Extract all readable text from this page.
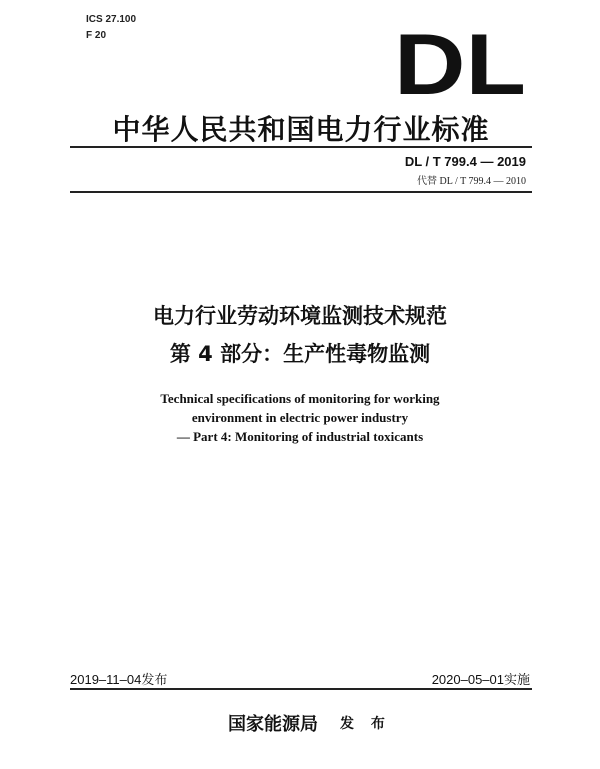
ICS 27.100
F 20	DL
中华人民共和国电力行业标准
DL / T 799.4 — 2019
代替 DL / T 799.4 — 2010
电力行业劳动环境监测技术规范
第 4 部分：生产性毒物监测
Technical specifications of monitoring for working
environment in electric power industry
— Part 4: Monitoring of industrial toxicants
2019–11–04发布	2020–05–01实施
国家能源局 发 布
